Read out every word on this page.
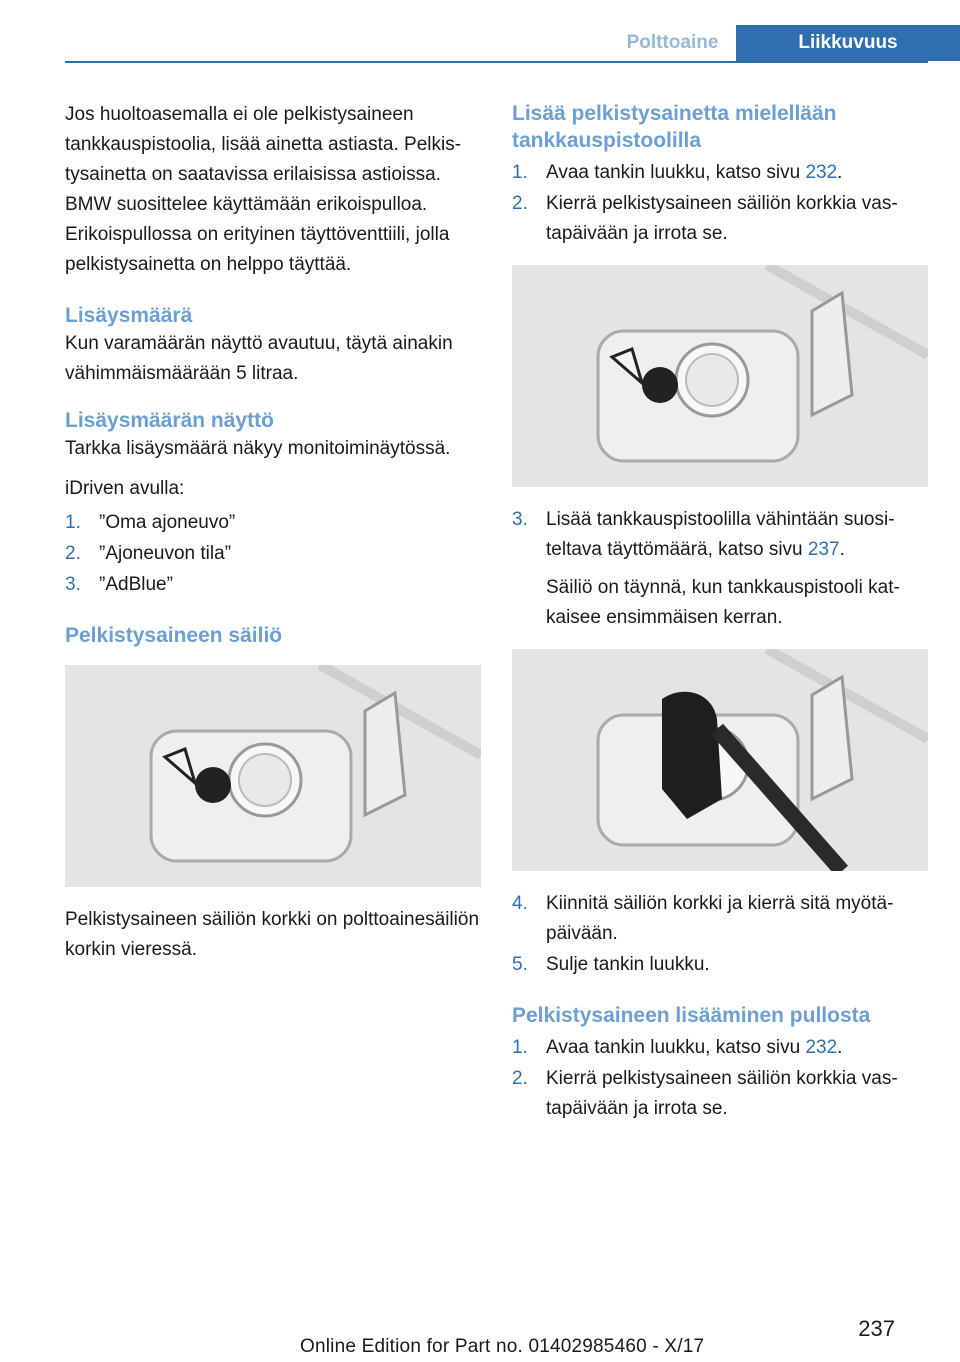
Polttoaine	Liikkuvuus

Jos huoltoasemalla ei ole pelkistysaineen tankkauspistoolia, lisää ainetta astiasta. Pelkistysainetta on saatavissa erilaisissa astioissa. BMW suosittelee käyttämään erikoispulloa. Erikoispullossa on erityinen täyttöventtiili, jolla pelkistysainetta on helppo täyttää.

Lisäysmäärä

Kun varamäärän näyttö avautuu, täytä ainakin vähimmäismäärään 5 litraa.

Lisäysmäärän näyttö

Tarkka lisäysmäärä näkyy monitoiminäytössä.

iDriven avulla:

1. ”Oma ajoneuvo”
2. ”Ajoneuvon tila”
3. ”AdBlue”
Pelkistysaineen säiliö

Pelkistysaineen säiliön korkki on polttoainesäiliön korkin vieressä.

Lisää pelkistysainetta mielellään tankkauspistoolilla
1. Avaa tankin luukku, katso sivu 232.
2. Kierrä pelkistysaineen säiliön korkkia vastapäivään ja irrota se.
3. Lisää tankkauspistoolilla vähintään suositeltava täyttömäärä, katso sivu 237.
Säiliö on täynnä, kun tankkauspistooli katkaisee ensimmäisen kerran.
4. Kiinnitä säiliön korkki ja kierrä sitä myötäpäivään.
5. Sulje tankin luukku.
Pelkistysaineen lisääminen pullosta
1. Avaa tankin luukku, katso sivu 232.
2. Kierrä pelkistysaineen säiliön korkkia vastapäivään ja irrota se.
237
Online Edition for Part no. 01402985460 - X/17
